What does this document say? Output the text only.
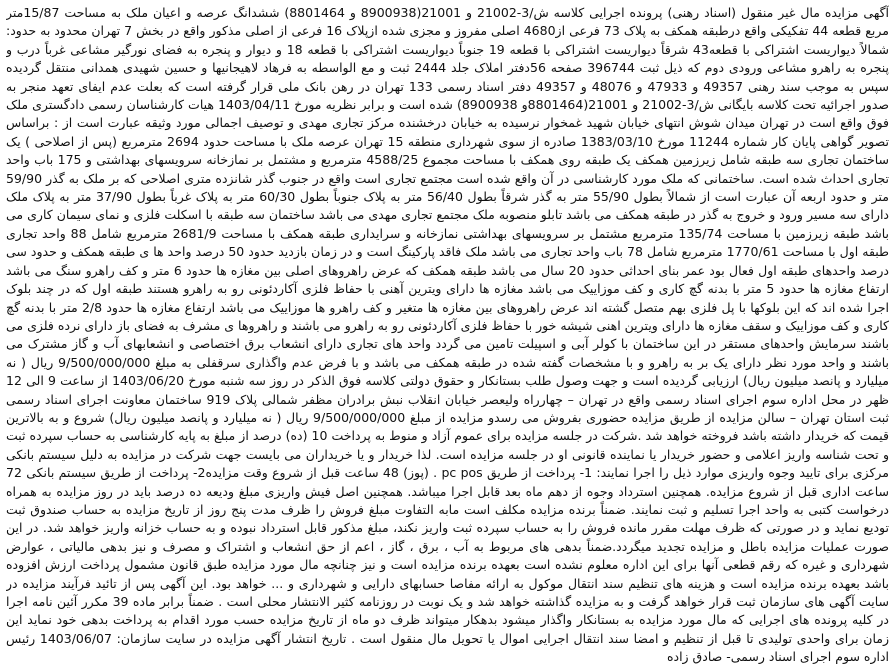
آگهی مزایده مال غیر منقول (اسناد رهنی) پرونده اجرایی کلاسه ش/3-21002 و 21001(8900938 و 8801464) ششدانگ عرصه و اعیان ملک به مساحت 15/87متر مربع قطعه 44 تفکیکی واقع درطبقه همکف به پلاک 73 فرعی از4680 اصلی مفروز و مجزی شده ازپلاک 16 فرعی از اصلی مذکور واقع در بخش 7 تهران محدود به حدود: شمالاً دیواریست اشتراکی با قطعه43 شرقاً دیواریست اشتراکی با قطعه 19 جنوباً دیواریست اشتراکی با قطعه 18 و دیوار و پنجره به فضای نورگیر مشاعی غرباً درب و پنجره به راهرو مشاعی ورودی دوم که ذیل ثبت 396744 صفحه 56دفتر املاک جلد 2444 ثبت و مع الواسطه به فرهاد لاهیجانیها و حسین شهیدی همدانی منتقل گردیده سپس به موجب سند رهنی 49357 و 47933 و 48076 و 49357 دفتر اسناد رسمی 133 تهران در رهن بانک ملی قرار گرفته است که بعلت عدم ایفای تعهد منجر به صدور اجرائیه تحت کلاسه بایگانی ش/3-21002 و 21001(8801464و 8900938) شده است و برابر نظریه مورخ 1403/04/11 هیات کارشناسان رسمی دادگستری ملک فوق واقع است در تهران میدان شوش انتهای خیابان شهید غمخوار نرسیده به خیابان درخشنده مرکز تجاری مهدی و توصیف اجمالی مورد وثیقه عبارت است از : براساس تصویر گواهی پایان کار شماره 11244 مورخ 1383/03/10 صادره از سوی شهرداری منطقه 15 تهران عرصه ملک با مساحت حدود 2694 مترمربع (پس از اصلاحی ) یک ساختمان تجاری سه طبقه شامل زیرزمین همکف یک طبقه روی همکف با مساحت مجموع 4588/25 مترمربع و مشتمل بر نمازخانه سرویسهای بهداشتی و 175 باب واحد تجاری احداث شده است. ساختمانی که ملک مورد کارشناسی در آن واقع شده است مجتمع تجاری است واقع در جنوب گذر شانزده متری اصلاحی که بر ملک به گذر 59/90 متر و حدود اربعه آن عبارت است از شمالاً بطول 55/90 متر به گذر شرقاً بطول 56/40 متر به پلاک جنوباً بطول 60/30 متر به پلاک غرباً بطول 37/90 متر به پلاک ملک دارای سه مسیر ورود و خروج به گذر در طبقه همکف می باشد تابلو منصوبه ملک مجتمع تجاری مهدی می باشد ساختمان سه طبقه با اسکلت فلزی و نمای سیمان کاری می باشد طبقه زیرزمین با مساحت 135/74 مترمربع مشتمل بر سرویسهای بهداشتی نمازخانه و سرایداری طبقه همکف با مساحت 2681/9 مترمربع شامل 88 واحد تجاری طبقه اول با مساحت 1770/61 مترمربع شامل 78 باب واحد تجاری می باشد ملک فاقد پارکینگ است و در زمان بازدید حدود 50 درصد واحد ها ی طبقه همکف و حدود سی درصد واحدهای طبقه اول فعال بود عمر بنای احداثی حدود 20 سال می باشد طبقه همکف که عرض راهروهای اصلی بین مغازه ها حدود 6 متر و کف راهرو سنگ می باشد ارتفاع مغازه ها حدود 5 متر با بدنه گچ کاری و کف موزاییک می باشد مغازه ها دارای ویترین آهنی با حفاظ فلزی آکاردئونی رو به راهرو هستند طبقه اول که در چند بلوک اجرا شده اند که این بلوکها با پل فلزی بهم متصل گشته اند عرض راهروهای بین مغازه ها متغیر و کف راهرو ها موزاییک می باشد ارتفاع مغازه ها حدود 2/8 متر با بدنه گچ کاری و کف موزاییک و سقف مغازه ها دارای ویترین اهنی شیشه خور با حفاظ فلزی آکاردئونی رو به راهرو می باشند و راهروها ی مشرف به فضای باز دارای نرده فلزی می باشند سرمایش واحدهای مستقر در این ساختمان با کولر آبی و اسپیلت تامین می گردد واحد های تجاری دارای انشعاب برق اختصاصی و انشعابهای آب و گاز مشترک می باشند و واحد مورد نظر دارای یک بر به راهرو و با مشخصات گفته شده در طبقه همکف می باشد و با فرض عدم واگذاری سرقفلی به مبلغ 9/500/000/000 ریال ( نه میلیارد و پانصد میلیون ریال) ارزیابی گردیده است و جهت وصول طلب بستانکار و حقوق دولتی کلاسه فوق الذکر در روز سه شنبه مورخ 1403/06/20 از ساعت 9 الی 12 ظهر در محل اداره سوم اجرای اسناد رسمی واقع در تهران – چهارراه ولیعصر خیابان انقلاب نبش برادران مظفر شمالی پلاک 919 ساختمان معاونت اجرای اسناد رسمی ثبت استان تهران – سالن مزایده از طریق مزایده حضوری بفروش می رسدو مزایده از مبلغ 9/500/000/000 ریال ( نه میلیارد و پانصد میلیون ریال) شروع و به بالاترین قیمت که خریدار داشته باشد فروخته خواهد شد .شرکت در جلسه مزایده برای عموم آزاد و منوط به پرداخت 10 (ده) درصد از مبلغ به پایه کارشناسی به حساب سپرده ثبت و تحت شناسه واریز اعلامی و حضور خریدار یا نماینده قانونی او در جلسه مزایده است. لذا خریدار و یا خریداران می بایست جهت شرکت در مزایده به دلیل سیستم بانکی مرکزی برای تایید وجوه واریزی موارد ذیل را اجرا نمایند: 1- پرداخت از طریق pc pos . (پوز) 48 ساعت قبل از شروع وقت مزایده2- پرداخت از طریق سیستم بانکی 72 ساعت اداری قبل از شروع مزایده. همچنین استرداد وجوه از دهم ماه بعد قابل اجرا میباشد. همچنین اصل فیش واریزی مبلغ ودیعه ده درصد باید در روز مزایده به همراه درخواست کتبی به واحد اجرا تسلیم و ثبت نمایند. ضمناً برنده مزایده مکلف است مابه التفاوت مبلغ فروش را ظرف مدت پنج روز از تاریخ مزایده به حساب صندوق ثبت تودیع نماید و در صورتی که ظرف مهلت مقرر مانده فروش را به حساب سپرده ثبت واریز نکند، مبلغ مذکور قابل استرداد نبوده و به حساب خزانه واریز خواهد شد. در این صورت عملیات مزایده باطل و مزایده تجدید میگردد.ضمناً بدهی های مربوط به آب ، برق ، گاز ، اعم از حق انشعاب و اشتراک و مصرف و نیز بدهی مالیاتی ، عوارض شهرداری و غیره که رقم قطعی آنها برای این اداره معلوم نشده است بعهده برنده مزایده است و نیز چنانچه مال مورد مزایده طبق قانون مشمول پرداخت ارزش افزوده باشد بعهده برنده مزایده است و هزینه های تنظیم سند انتقال موکول به ارائه مفاصا حسابهای دارایی و شهرداری و ... خواهد بود. این آگهی پس از تائید فرآیند مزایده در سایت آگهی های سازمان ثبت قرار خواهد گرفت و به مزایده گذاشته خواهد شد و یک نوبت در روزنامه کثیر الانتشار محلی است . ضمناً برابر ماده 39 مکرر آئین نامه اجرا در کلیه پرونده های اجرایی که مال مورد مزایده به بستانکار واگذار میشود بدهکار میتواند ظرف دو ماه از تاریخ مزایده حسب مورد اقدام به پرداخت بدهی خود نماید این زمان برای واحدی تولیدی تا قبل از تنظیم و امضا سند انتقال اجرایی اموال یا تحویل مال منقول است . تاریخ انتشار آگهی مزایده در سایت سازمان: 1403/06/07 رئیس اداره سوم اجرای اسناد رسمی- صادق زاده
